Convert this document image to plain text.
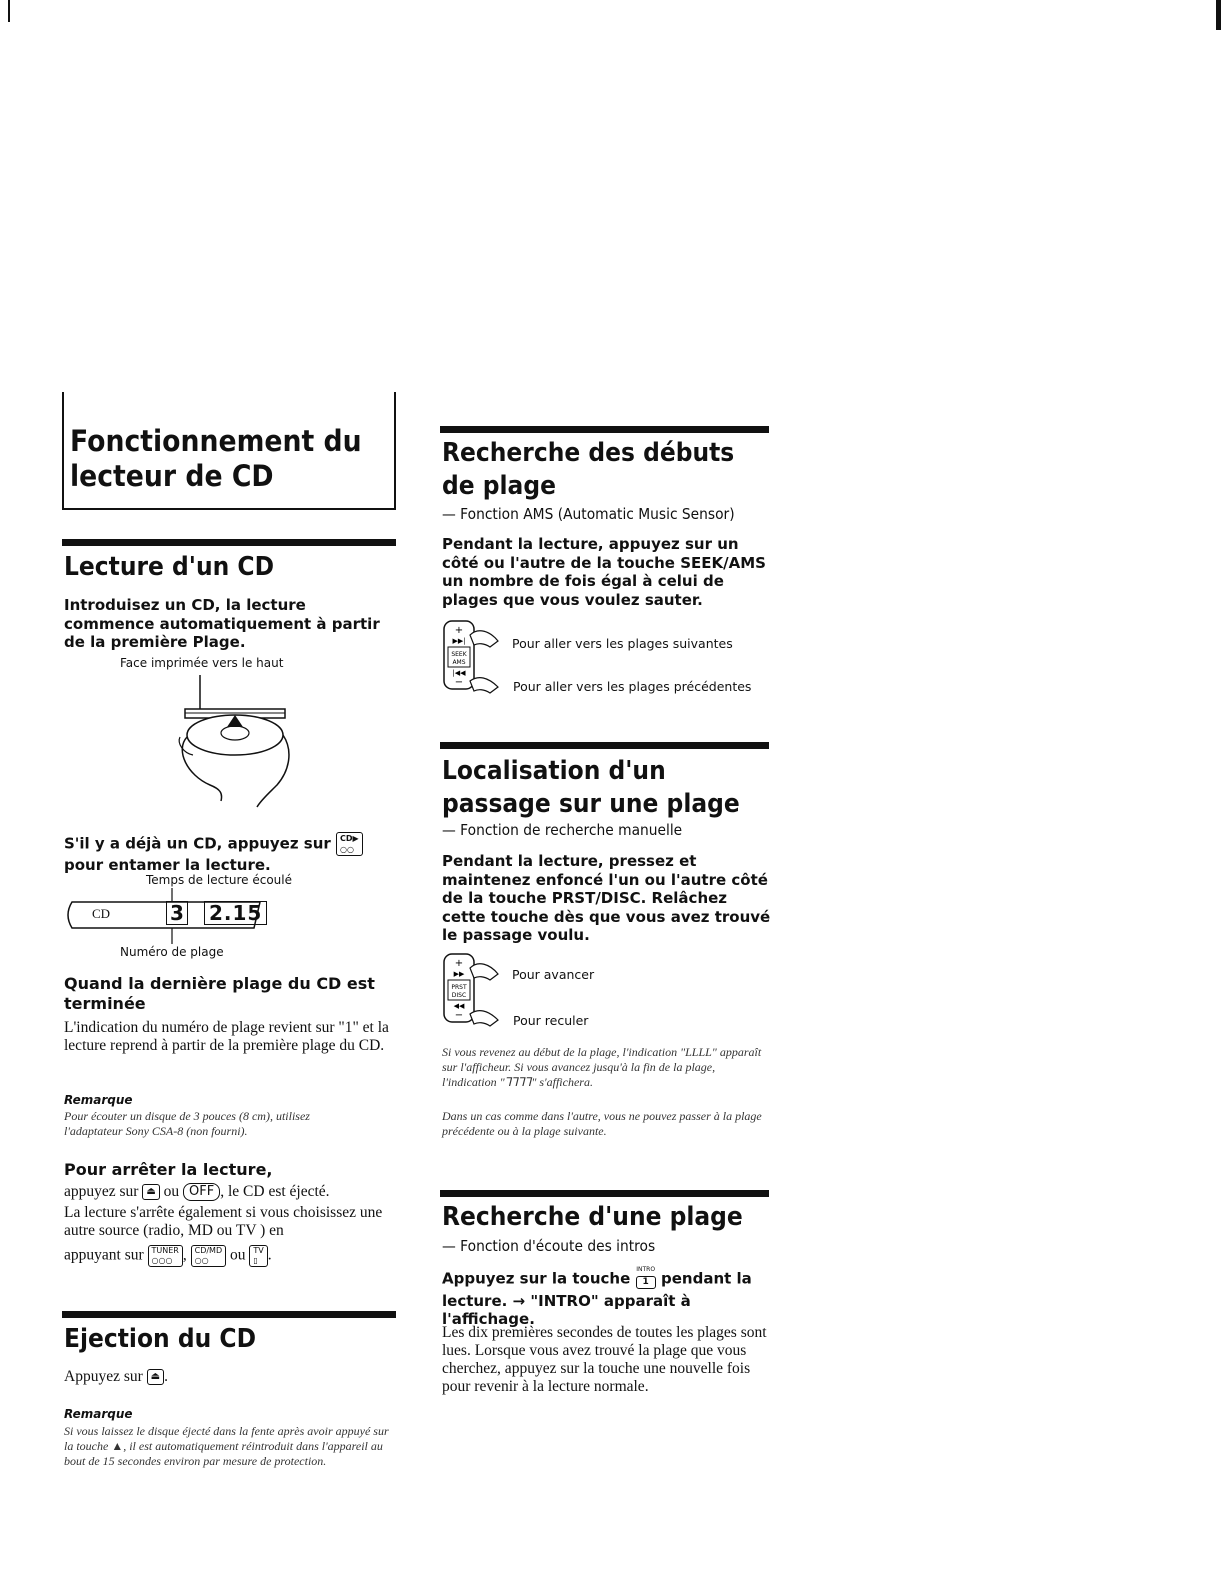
Fonctionnement du lecteur de CD
Lecture d'un CD
Introduisez un CD, la lecture commence automatiquement à partir de la première Plage.
Face imprimée vers le haut
S'il y a déjà un CD, appuyez sur CD▶
○○
pour entamer la lecture.
Temps de lecture écoulé
CD	3 2.15
Numéro de plage
Quand la dernière plage du CD est terminée
L'indication du numéro de plage revient sur "1" et la lecture reprend à partir de la première plage du CD.
Remarque
Pour écouter un disque de 3 pouces (8 cm), utilisez l'adaptateur Sony CSA-8 (non fourni).
Pour arrêter la lecture,
appuyez sur ⏏ ou OFF , le CD est éjecté.
La lecture s'arrête également si vous choisissez une autre source (radio, MD ou TV ) en
appuyant sur TUNER
○○○ , CD/MD
○○ ou TV
▯ .
Ejection du CD
Appuyez sur ⏏ .
Remarque
Si vous laissez le disque éjecté dans la fente après avoir appuyé sur la touche ▲, il est automatiquement réintroduit dans l'appareil au bout de 15 secondes environ par mesure de protection.
Recherche des débuts de plage
— Fonction AMS (Automatic Music Sensor)
Pendant la lecture, appuyez sur un côté ou l'autre de la touche SEEK/AMS un nombre de fois égal à celui de plages que vous voulez sauter.
+
▶▶|
SEEK
AMS
|◀◀
−
Pour aller vers les plages suivantes
Pour aller vers les plages précédentes
Localisation d'un passage sur une plage
— Fonction de recherche manuelle
Pendant la lecture, pressez et maintenez enfoncé l'un ou l'autre côté de la touche PRST/DISC. Relâchez cette touche dès que vous avez trouvé le passage voulu.
+
▶▶
PRST
DISC
◀◀
−
Pour avancer
Pour reculer
Si vous revenez au début de la plage, l'indication "LLLL" apparaît sur l'afficheur. Si vous avancez jusqu'à la fin de la plage, l'indication "⅂⅂⅂⅂" s'affichera.
Dans un cas comme dans l'autre, vous ne pouvez passer à la plage précédente ou à la plage suivante.
Recherche d'une plage
— Fonction d'écoute des intros
Appuyez sur la touche INTRO
1 pendant la
lecture. → "INTRO" apparaît à l'affichage.
Les dix premières secondes de toutes les plages sont lues. Lorsque vous avez trouvé la plage que vous cherchez, appuyez sur la touche une nouvelle fois pour revenir à la lecture normale.
